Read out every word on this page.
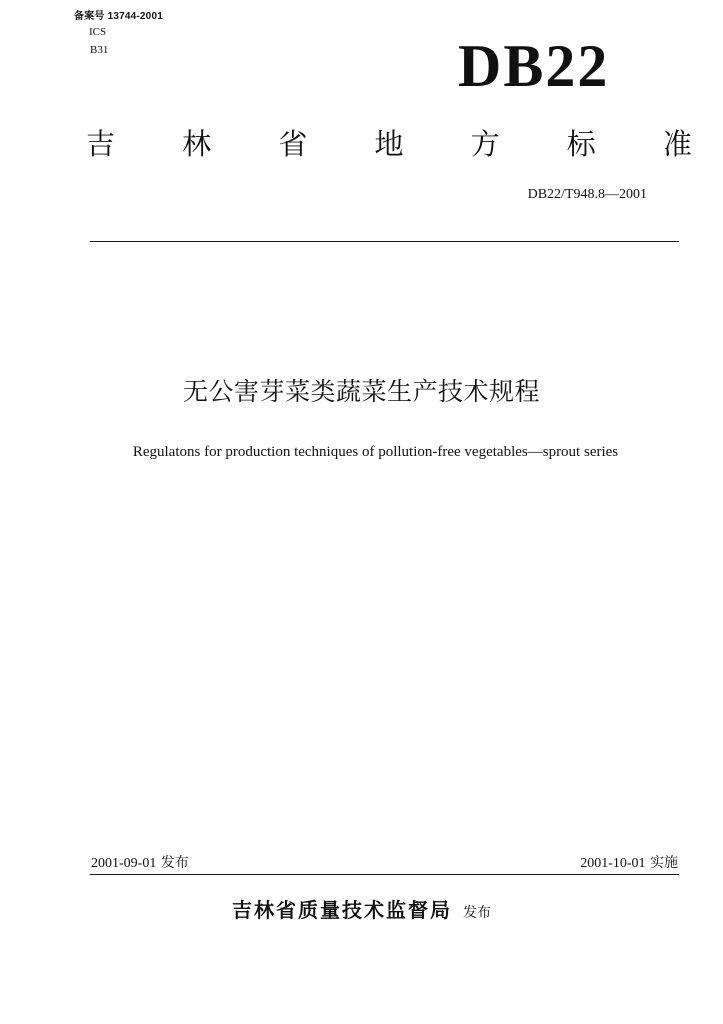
备案号 13744-2001
ICS
B31	DB22
吉 林 省 地 方 标 准
DB22/T948.8—2001
无公害芽菜类蔬菜生产技术规程
Regulatons for production techniques of pollution-free vegetables—sprout series
2001-09-01 发布	2001-10-01 实施
吉林省质量技术监督局 发布
